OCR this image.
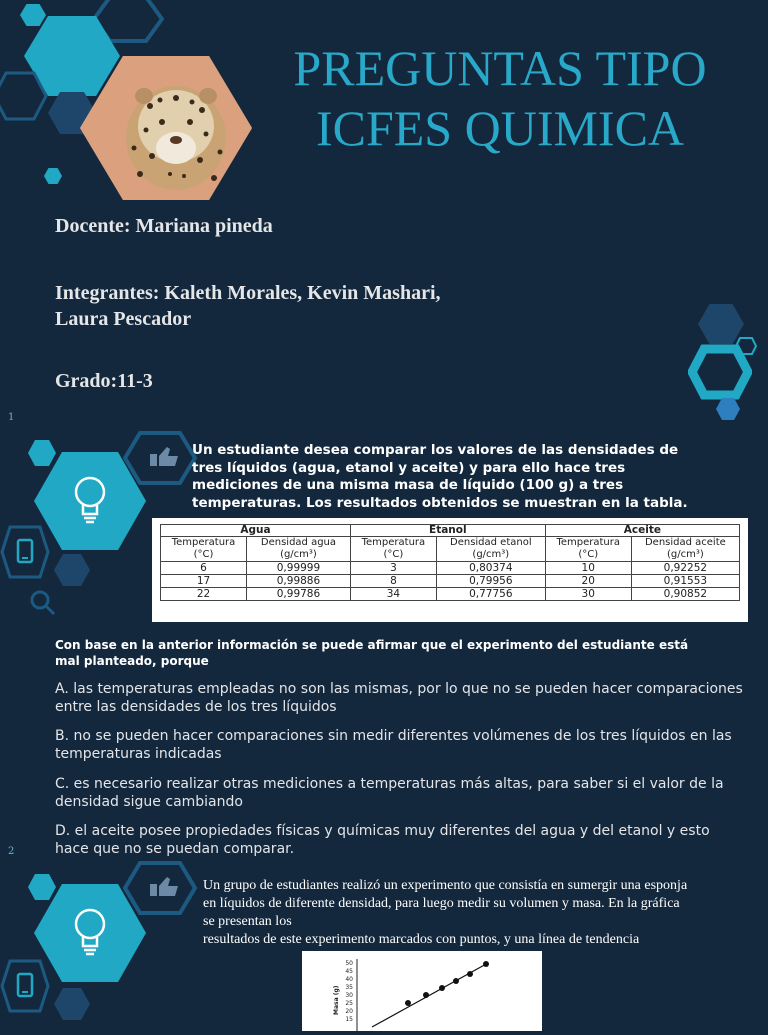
PREGUNTAS TIPO
ICFES QUIMICA
Docente: Mariana pineda
Integrantes: Kaleth Morales, Kevin Mashari,
Laura Pescador
Grado:11-3
1
Un estudiante desea comparar los valores de las densidades de tres líquidos (agua, etanol y aceite) y para ello hace tres mediciones de una misma masa de líquido (100 g) a tres temperaturas. Los resultados obtenidos se muestran en la tabla.
Agua		Etanol		Aceite	
Temperatura (°C)	Densidad agua (g/cm³)	Temperatura (°C)	Densidad etanol (g/cm³)	Temperatura (°C)	Densidad aceite (g/cm³)
6	0,99999	3	0,80374	10	0,92252
17	0,99886	8	0,79956	20	0,91553
22	0,99786	34	0,77756	30	0,90852
Con base en la anterior información se puede afirmar que el experimento del estudiante está mal planteado, porque
A. las temperaturas empleadas no son las mismas, por lo que no se pueden hacer comparaciones entre las densidades de los tres líquidos
B. no se pueden hacer comparaciones sin medir diferentes volúmenes de los tres líquidos en las temperaturas indicadas
C. es necesario realizar otras mediciones a temperaturas más altas, para saber si el valor de la densidad sigue cambiando
D. el aceite posee propiedades físicas y químicas muy diferentes del agua y del etanol y esto hace que no se puedan comparar.
2
Un grupo de estudiantes realizó un experimento que consistía en sumergir una esponja
en líquidos de diferente densidad, para luego medir su volumen y masa. En la gráfica
se presentan los
resultados de este experimento marcados con puntos, y una línea de tendencia
Masa (g)
50
45
40
35
30
25
20
15
